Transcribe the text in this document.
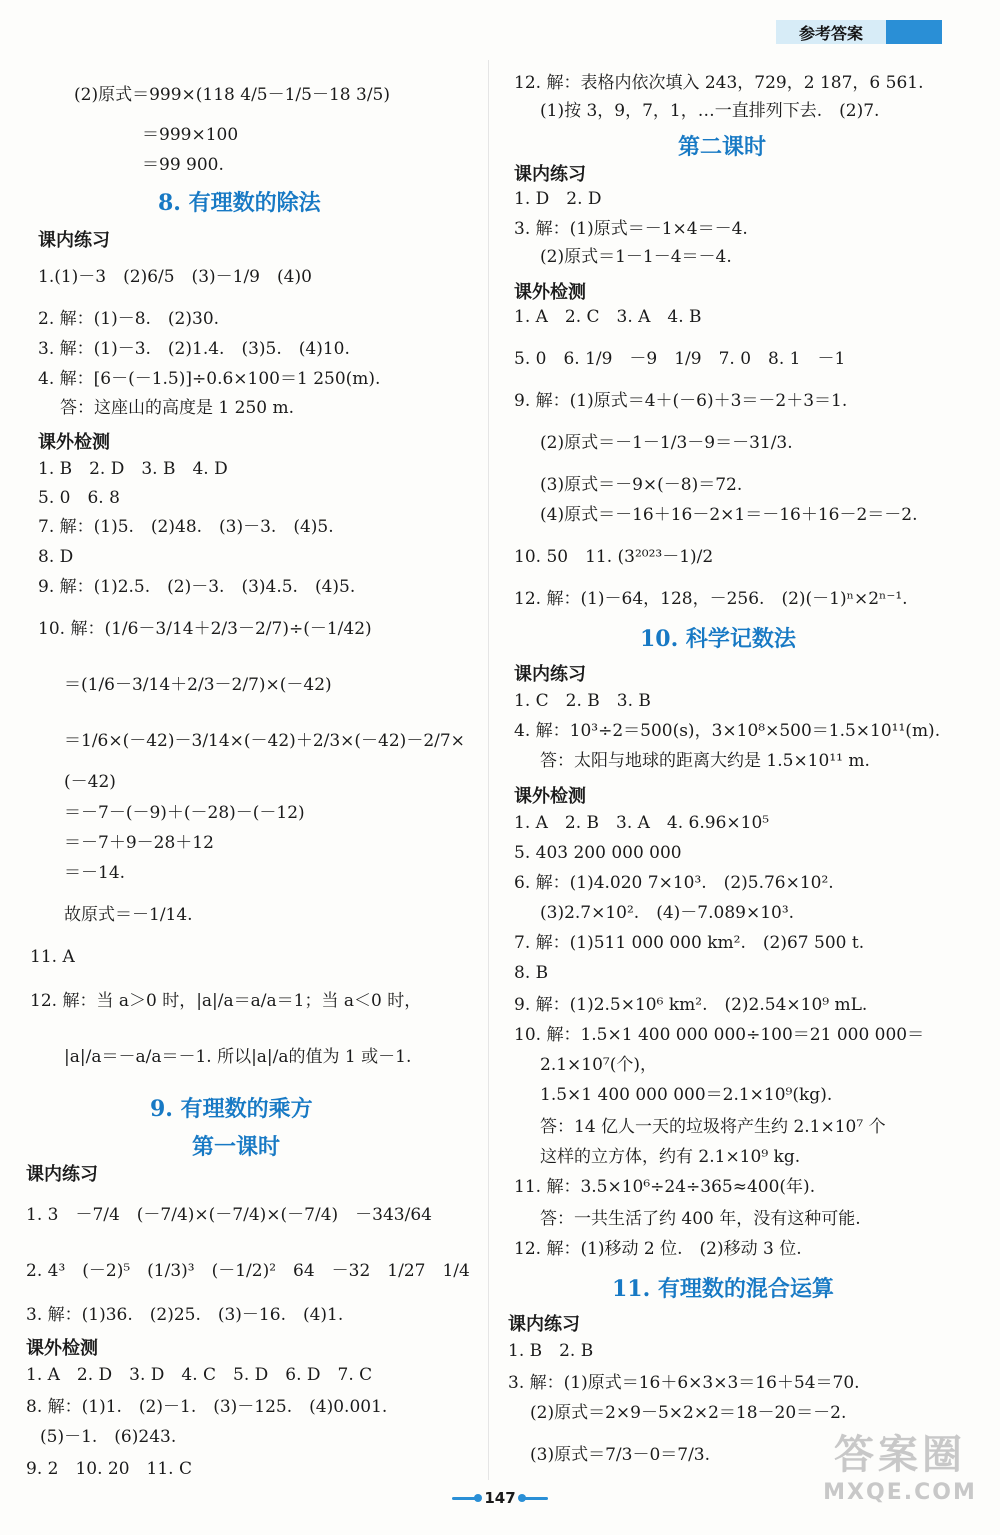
参考答案
(2)原式＝999×(118 4/5－1/5－18 3/5)
＝999×100
＝99 900.
8. 有理数的除法
课内练习
1.(1)－3　(2)6/5　(3)－1/9　(4)0
2. 解：(1)－8.　(2)30.
3. 解：(1)－3.　(2)1.4.　(3)5.　(4)10.
4. 解：[6－(－1.5)]÷0.6×100＝1 250(m).
答：这座山的高度是 1 250 m.
课外检测
1. B　2. D　3. B　4. D
5. 0　6. 8
7. 解：(1)5.　(2)48.　(3)－3.　(4)5.
8. D
9. 解：(1)2.5.　(2)－3.　(3)4.5.　(4)5.
10. 解：(1/6－3/14＋2/3－2/7)÷(－1/42)
＝(1/6－3/14＋2/3－2/7)×(－42)
＝1/6×(－42)－3/14×(－42)＋2/3×(－42)－2/7×
(－42)
＝－7－(－9)＋(－28)－(－12)
＝－7＋9－28＋12
＝－14.
故原式＝－1/14.
11. A
12. 解：当 a＞0 时，|a|/a＝a/a＝1；当 a＜0 时，
|a|/a＝－a/a＝－1. 所以|a|/a的值为 1 或－1.
9. 有理数的乘方
第一课时
课内练习
1. 3　－7/4　(－7/4)×(－7/4)×(－7/4)　－343/64
2. 4³　(－2)⁵　(1/3)³　(－1/2)²　64　－32　1/27　1/4
3. 解：(1)36.　(2)25.　(3)－16.　(4)1.
课外检测
1. A　2. D　3. D　4. C　5. D　6. D　7. C
8. 解：(1)1.　(2)－1.　(3)－125.　(4)0.001.
(5)－1.　(6)243.
9. 2　10. 20　11. C
12. 解：表格内依次填入 243，729，2 187，6 561.
(1)按 3，9，7，1，…一直排列下去.　(2)7.
第二课时
课内练习
1. D　2. D
3. 解：(1)原式＝－1×4＝－4.
(2)原式＝1－1－4＝－4.
课外检测
1. A　2. C　3. A　4. B
5. 0　6. 1/9　－9　1/9　7. 0　8. 1　－1
9. 解：(1)原式＝4＋(－6)＋3＝－2＋3＝1.
(2)原式＝－1－1/3－9＝－31/3.
(3)原式＝－9×(－8)＝72.
(4)原式＝－16＋16－2×1＝－16＋16－2＝－2.
10. 50　11. (3²⁰²³－1)/2
12. 解：(1)－64，128，－256.　(2)(－1)ⁿ×2ⁿ⁻¹.
10. 科学记数法
课内练习
1. C　2. B　3. B
4. 解：10³÷2＝500(s)，3×10⁸×500＝1.5×10¹¹(m).
答：太阳与地球的距离大约是 1.5×10¹¹ m.
课外检测
1. A　2. B　3. A　4. 6.96×10⁵
5. 403 200 000 000
6. 解：(1)4.020 7×10³.　(2)5.76×10².
(3)2.7×10².　(4)－7.089×10³.
7. 解：(1)511 000 000 km².　(2)67 500 t.
8. B
9. 解：(1)2.5×10⁶ km².　(2)2.54×10⁹ mL.
10. 解：1.5×1 400 000 000÷100＝21 000 000＝
2.1×10⁷(个)，
1.5×1 400 000 000＝2.1×10⁹(kg).
答：14 亿人一天的垃圾将产生约 2.1×10⁷ 个
这样的立方体，约有 2.1×10⁹ kg.
11. 解：3.5×10⁶÷24÷365≈400(年).
答：一共生活了约 400 年，没有这种可能.
12. 解：(1)移动 2 位.　(2)移动 3 位.
11. 有理数的混合运算
课内练习
1. B　2. B
3. 解：(1)原式＝16＋6×3×3＝16＋54＝70.
(2)原式＝2×9－5×2×2＝18－20＝－2.
(3)原式＝7/3－0＝7/3.
147
答案圈
MXQE.COM
